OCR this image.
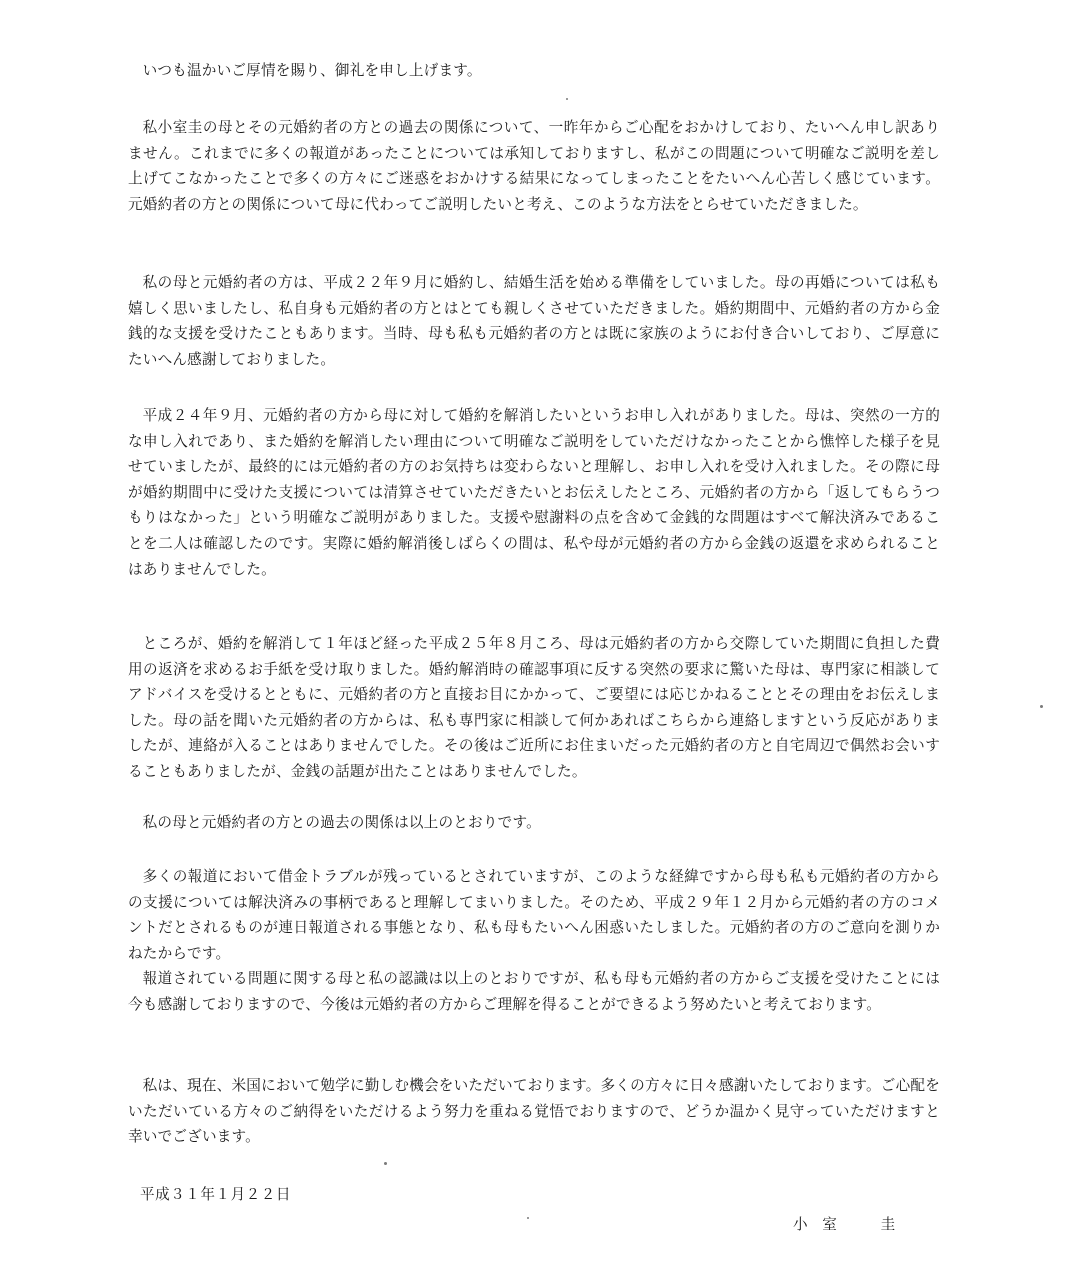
いつも温かいご厚情を賜り、御礼を申し上げます。

私小室圭の母とその元婚約者の方との過去の関係について、一昨年からご心配をおかけしており、たいへん申し訳ありません。これまでに多くの報道があったことについては承知しておりますし、私がこの問題について明確なご説明を差し上げてこなかったことで多くの方々にご迷惑をおかけする結果になってしまったことをたいへん心苦しく感じています。元婚約者の方との関係について母に代わってご説明したいと考え、このような方法をとらせていただきました。

私の母と元婚約者の方は、平成２２年９月に婚約し、結婚生活を始める準備をしていました。母の再婚については私も嬉しく思いましたし、私自身も元婚約者の方とはとても親しくさせていただきました。婚約期間中、元婚約者の方から金銭的な支援を受けたこともあります。当時、母も私も元婚約者の方とは既に家族のようにお付き合いしており、ご厚意にたいへん感謝しておりました。

平成２４年９月、元婚約者の方から母に対して婚約を解消したいというお申し入れがありました。母は、突然の一方的な申し入れであり、また婚約を解消したい理由について明確なご説明をしていただけなかったことから憔悴した様子を見せていましたが、最終的には元婚約者の方のお気持ちは変わらないと理解し、お申し入れを受け入れました。その際に母が婚約期間中に受けた支援については清算させていただきたいとお伝えしたところ、元婚約者の方から「返してもらうつもりはなかった」という明確なご説明がありました。支援や慰謝料の点を含めて金銭的な問題はすべて解決済みであることを二人は確認したのです。実際に婚約解消後しばらくの間は、私や母が元婚約者の方から金銭の返還を求められることはありませんでした。

ところが、婚約を解消して１年ほど経った平成２５年８月ころ、母は元婚約者の方から交際していた期間に負担した費用の返済を求めるお手紙を受け取りました。婚約解消時の確認事項に反する突然の要求に驚いた母は、専門家に相談してアドバイスを受けるとともに、元婚約者の方と直接お目にかかって、ご要望には応じかねることとその理由をお伝えしました。母の話を聞いた元婚約者の方からは、私も専門家に相談して何かあればこちらから連絡しますという反応がありましたが、連絡が入ることはありませんでした。その後はご近所にお住まいだった元婚約者の方と自宅周辺で偶然お会いすることもありましたが、金銭の話題が出たことはありませんでした。

私の母と元婚約者の方との過去の関係は以上のとおりです。

多くの報道において借金トラブルが残っているとされていますが、このような経緯ですから母も私も元婚約者の方からの支援については解決済みの事柄であると理解してまいりました。そのため、平成２９年１２月から元婚約者の方のコメントだとされるものが連日報道される事態となり、私も母もたいへん困惑いたしました。元婚約者の方のご意向を測りかねたからです。

報道されている問題に関する母と私の認識は以上のとおりですが、私も母も元婚約者の方からご支援を受けたことには今も感謝しておりますので、今後は元婚約者の方からご理解を得ることができるよう努めたいと考えております。

私は、現在、米国において勉学に勤しむ機会をいただいております。多くの方々に日々感謝いたしております。ご心配をいただいている方々のご納得をいただけるよう努力を重ねる覚悟でおりますので、どうか温かく見守っていただけますと幸いでございます。

平成３１年１月２２日

小　室　　　圭
